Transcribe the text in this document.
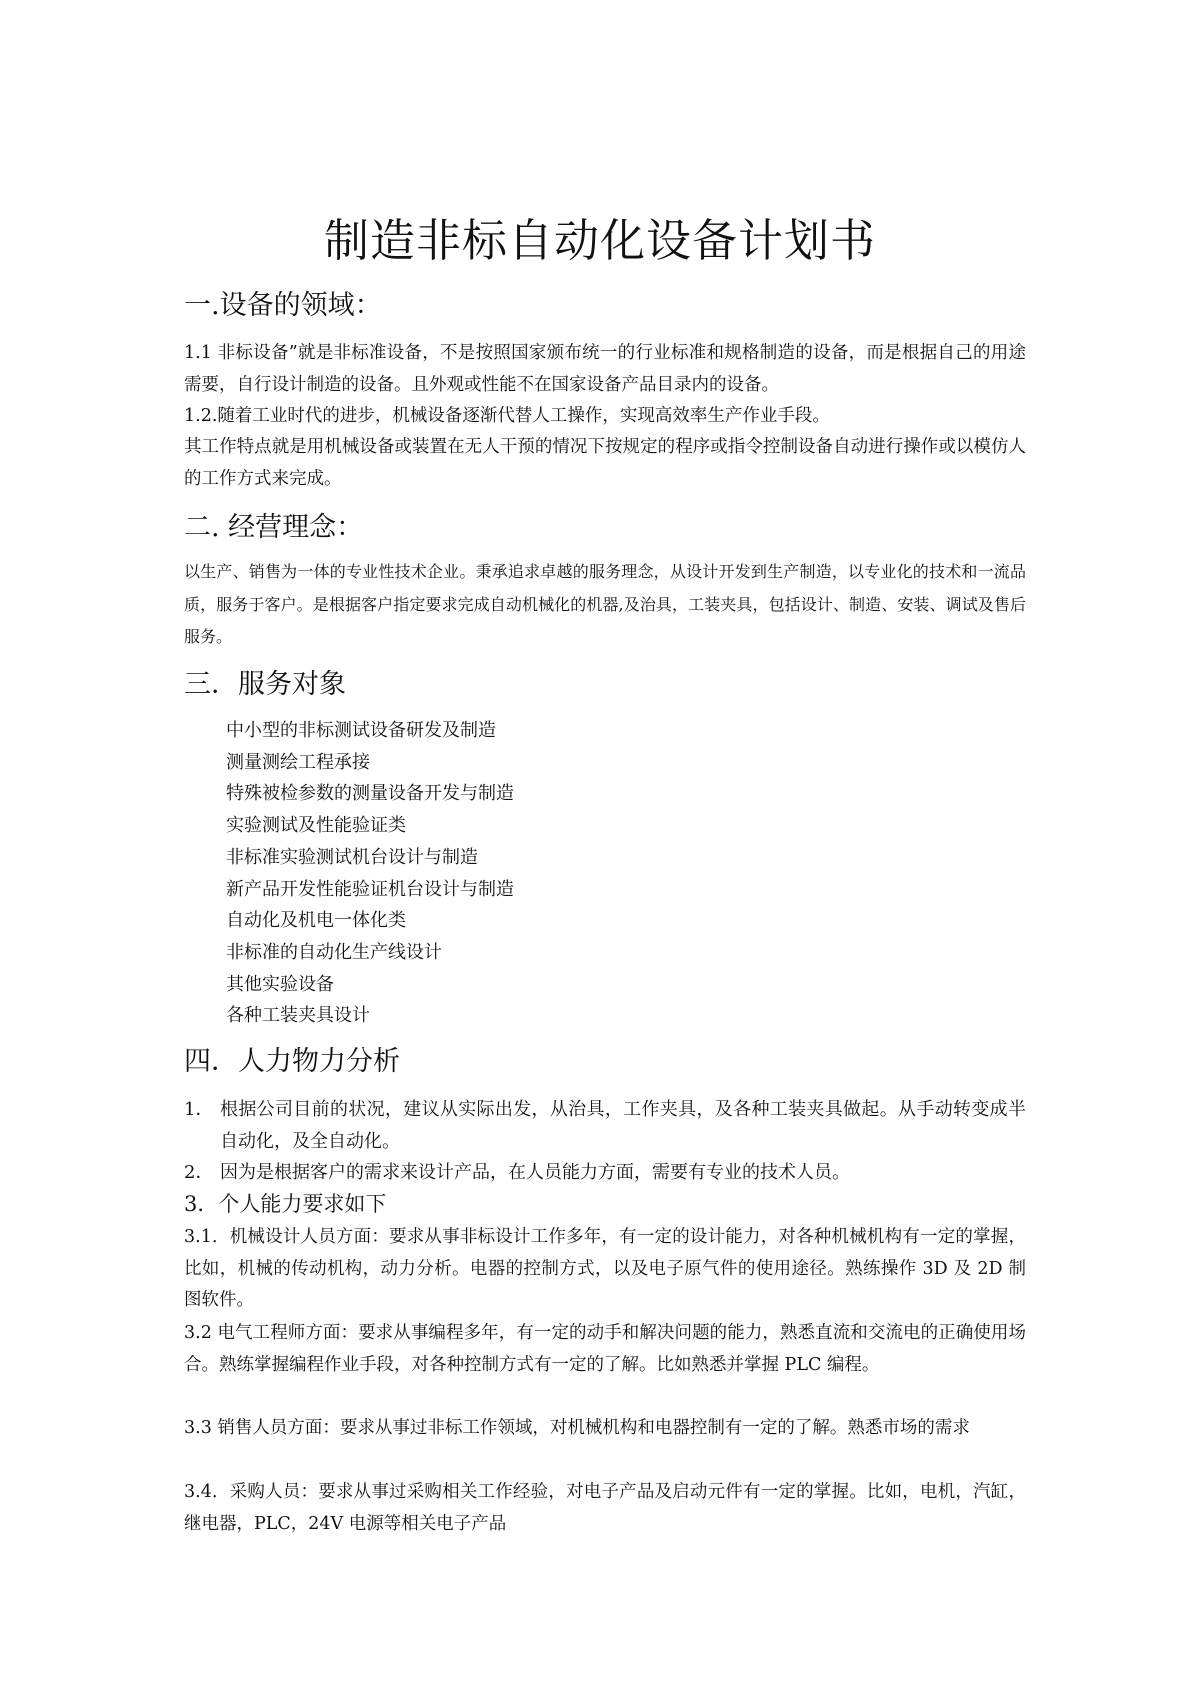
制造非标自动化设备计划书
一.设备的领域：

1.1 非标设备”就是非标准设备，不是按照国家颁布统一的行业标准和规格制造的设备，而是根据自己的用途需要，自行设计制造的设备。且外观或性能不在国家设备产品目录内的设备。

1.2.随着工业时代的进步，机械设备逐渐代替人工操作，实现高效率生产作业手段。

其工作特点就是用机械设备或装置在无人干预的情况下按规定的程序或指令控制设备自动进行操作或以模仿人的工作方式来完成。

二. 经营理念：

以生产、销售为一体的专业性技术企业。秉承追求卓越的服务理念，从设计开发到生产制造，以专业化的技术和一流品质，服务于客户。是根据客户指定要求完成自动机械化的机器,及治具，工装夹具，包括设计、制造、安装、调试及售后服务。

三．服务对象
中小型的非标测试设备研发及制造
测量测绘工程承接
特殊被检参数的测量设备开发与制造
实验测试及性能验证类
非标准实验测试机台设计与制造
新产品开发性能验证机台设计与制造
自动化及机电一体化类
非标准的自动化生产线设计
其他实验设备
各种工装夹具设计
四．人力物力分析
1． 根据公司目前的状况，建议从实际出发，从治具，工作夹具，及各种工装夹具做起。从手动转变成半自动化，及全自动化。
2． 因为是根据客户的需求来设计产品，在人员能力方面，需要有专业的技术人员。

3．个人能力要求如下

3.1．机械设计人员方面：要求从事非标设计工作多年，有一定的设计能力，对各种机械机构有一定的掌握，比如，机械的传动机构，动力分析。电器的控制方式，以及电子原气件的使用途径。熟练操作 3D 及 2D 制图软件。

3.2 电气工程师方面：要求从事编程多年，有一定的动手和解决问题的能力，熟悉直流和交流电的正确使用场合。熟练掌握编程作业手段，对各种控制方式有一定的了解。比如熟悉并掌握 PLC 编程。

3.3 销售人员方面：要求从事过非标工作领域，对机械机构和电器控制有一定的了解。熟悉市场的需求

3.4．采购人员：要求从事过采购相关工作经验，对电子产品及启动元件有一定的掌握。比如，电机，汽缸，继电器，PLC，24V 电源等相关电子产品
